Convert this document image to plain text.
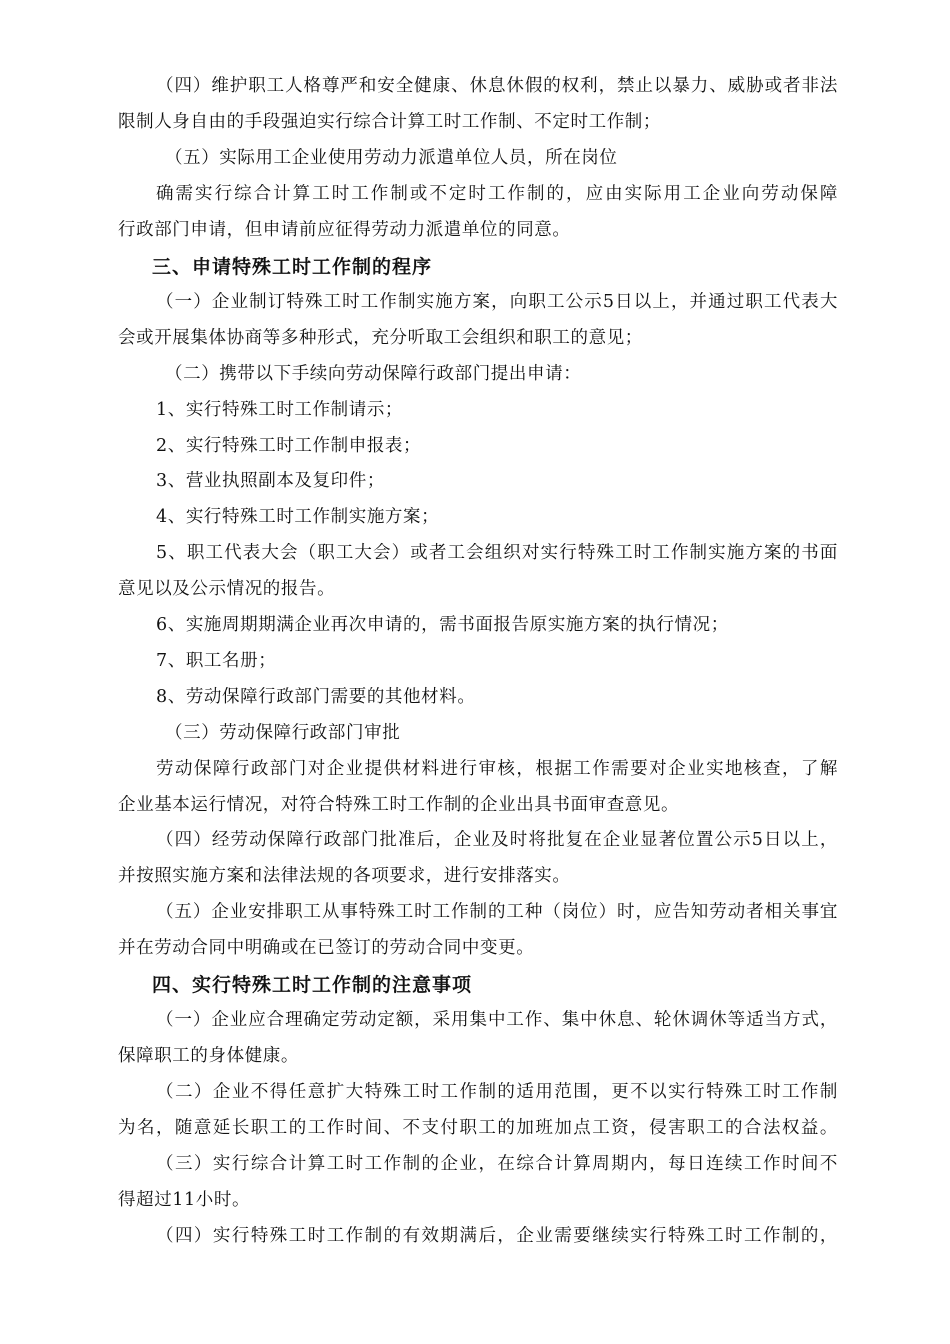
（四）维护职工人格尊严和安全健康、休息休假的权利，禁止以暴力、威胁或者非法
限制人身自由的手段强迫实行综合计算工时工作制、不定时工作制；
（五）实际用工企业使用劳动力派遣单位人员，所在岗位
确需实行综合计算工时工作制或不定时工作制的，应由实际用工企业向劳动保障
行政部门申请，但申请前应征得劳动力派遣单位的同意。
三、申请特殊工时工作制的程序
（一）企业制订特殊工时工作制实施方案，向职工公示5日以上，并通过职工代表大
会或开展集体协商等多种形式，充分听取工会组织和职工的意见；
（二）携带以下手续向劳动保障行政部门提出申请：
1、实行特殊工时工作制请示；
2、实行特殊工时工作制申报表；
3、营业执照副本及复印件；
4、实行特殊工时工作制实施方案；
5、职工代表大会（职工大会）或者工会组织对实行特殊工时工作制实施方案的书面
意见以及公示情况的报告。
6、实施周期期满企业再次申请的，需书面报告原实施方案的执行情况；
7、职工名册；
8、劳动保障行政部门需要的其他材料。
（三）劳动保障行政部门审批
劳动保障行政部门对企业提供材料进行审核，根据工作需要对企业实地核查，了解
企业基本运行情况，对符合特殊工时工作制的企业出具书面审查意见。
（四）经劳动保障行政部门批准后，企业及时将批复在企业显著位置公示5日以上，
并按照实施方案和法律法规的各项要求，进行安排落实。
（五）企业安排职工从事特殊工时工作制的工种（岗位）时，应告知劳动者相关事宜
并在劳动合同中明确或在已签订的劳动合同中变更。
四、实行特殊工时工作制的注意事项
（一）企业应合理确定劳动定额，采用集中工作、集中休息、轮休调休等适当方式，
保障职工的身体健康。
（二）企业不得任意扩大特殊工时工作制的适用范围，更不以实行特殊工时工作制
为名，随意延长职工的工作时间、不支付职工的加班加点工资，侵害职工的合法权益。
（三）实行综合计算工时工作制的企业，在综合计算周期内，每日连续工作时间不
得超过11小时。
（四）实行特殊工时工作制的有效期满后，企业需要继续实行特殊工时工作制的，
